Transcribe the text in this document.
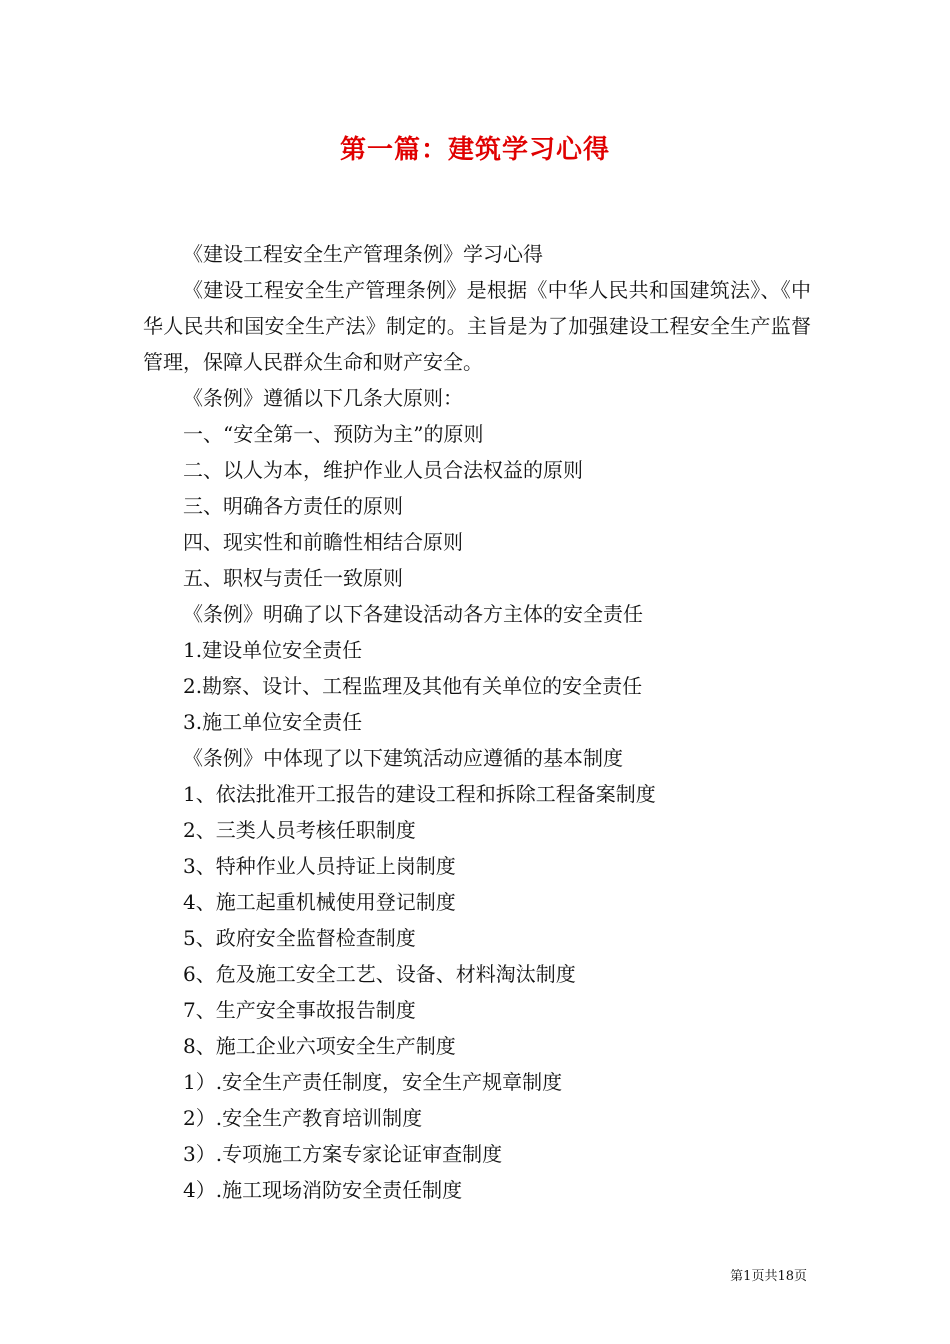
第一篇：建筑学习心得

《建设工程安全生产管理条例》学习心得

《建设工程安全生产管理条例》是根据《中华人民共和国建筑法》、《中华人民共和国安全生产法》制定的。主旨是为了加强建设工程安全生产监督管理，保障人民群众生命和财产安全。

《条例》遵循以下几条大原则：

一、“安全第一、预防为主”的原则

二、以人为本，维护作业人员合法权益的原则

三、明确各方责任的原则

四、现实性和前瞻性相结合原则

五、职权与责任一致原则

《条例》明确了以下各建设活动各方主体的安全责任

1.建设单位安全责任

2.勘察、设计、工程监理及其他有关单位的安全责任

3.施工单位安全责任

《条例》中体现了以下建筑活动应遵循的基本制度

1、依法批准开工报告的建设工程和拆除工程备案制度

2、三类人员考核任职制度

3、特种作业人员持证上岗制度

4、施工起重机械使用登记制度

5、政府安全监督检查制度

6、危及施工安全工艺、设备、材料淘汰制度

7、生产安全事故报告制度

8、施工企业六项安全生产制度

1）.安全生产责任制度，安全生产规章制度

2）.安全生产教育培训制度

3）.专项施工方案专家论证审查制度

4）.施工现场消防安全责任制度

第1页共18页
